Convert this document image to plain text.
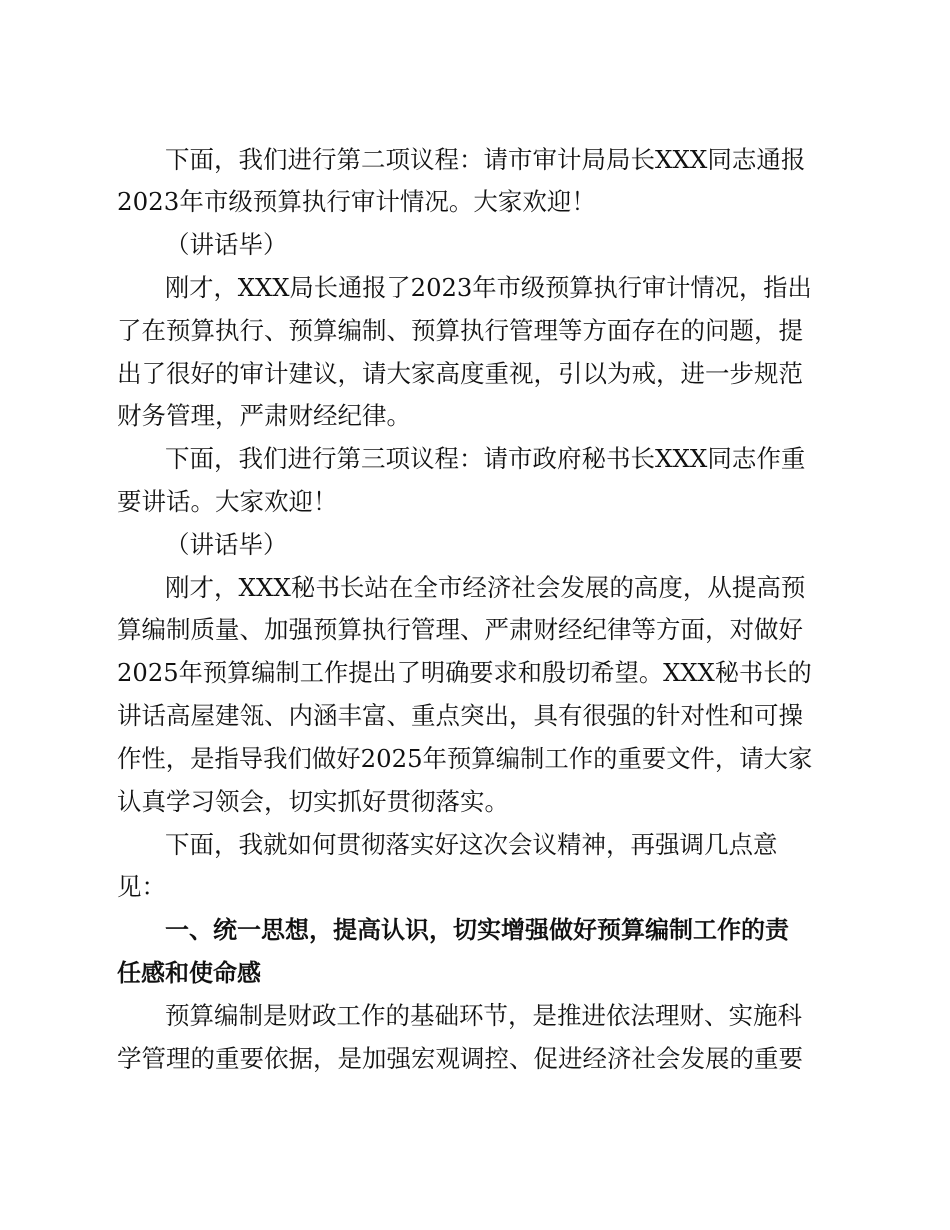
下面，我们进行第二项议程：请市审计局局长XXX同志通报
2023年市级预算执行审计情况。大家欢迎！
（讲话毕）
刚才，XXX局长通报了2023年市级预算执行审计情况，指出
了在预算执行、预算编制、预算执行管理等方面存在的问题，提
出了很好的审计建议，请大家高度重视，引以为戒，进一步规范
财务管理，严肃财经纪律。
下面，我们进行第三项议程：请市政府秘书长XXX同志作重
要讲话。大家欢迎！
（讲话毕）
刚才，XXX秘书长站在全市经济社会发展的高度，从提高预
算编制质量、加强预算执行管理、严肃财经纪律等方面，对做好
2025年预算编制工作提出了明确要求和殷切希望。XXX秘书长的
讲话高屋建瓴、内涵丰富、重点突出，具有很强的针对性和可操
作性，是指导我们做好2025年预算编制工作的重要文件，请大家
认真学习领会，切实抓好贯彻落实。
下面，我就如何贯彻落实好这次会议精神，再强调几点意
见：
一、统一思想，提高认识，切实增强做好预算编制工作的责
任感和使命感
预算编制是财政工作的基础环节，是推进依法理财、实施科
学管理的重要依据，是加强宏观调控、促进经济社会发展的重要
